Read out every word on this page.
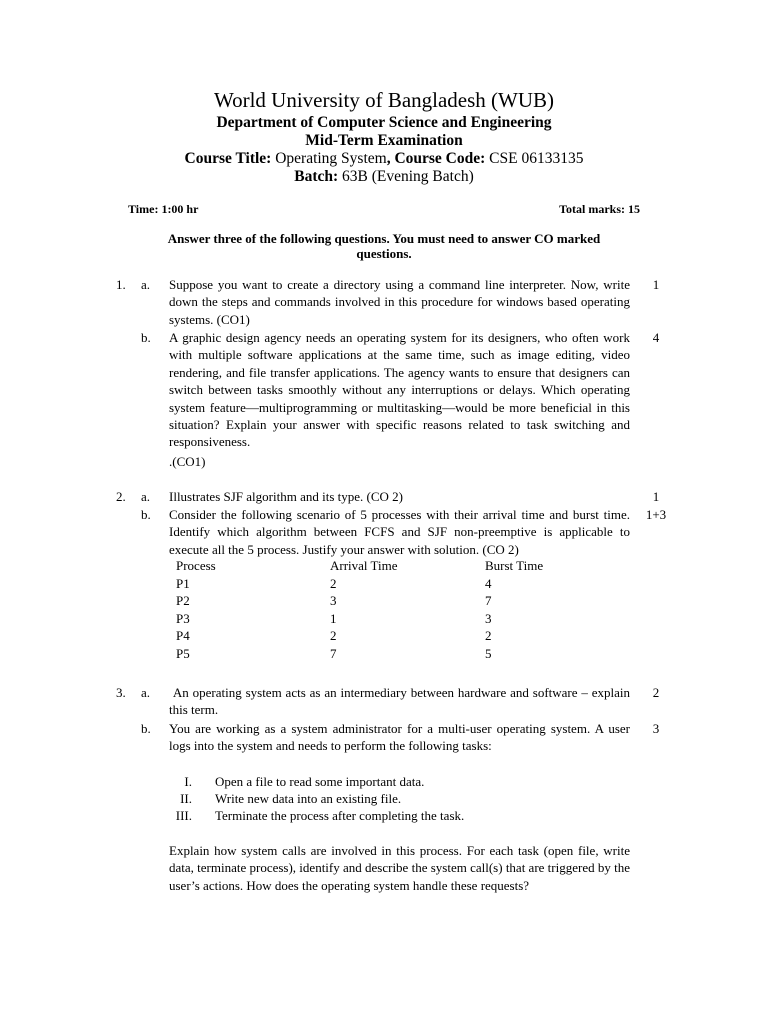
World University of Bangladesh (WUB)
Department of Computer Science and Engineering
Mid-Term Examination
Course Title: Operating System, Course Code: CSE 06133135
Batch: 63B (Evening Batch)
Time: 1:00 hr	Total marks: 15
Answer three of the following questions. You must need to answer CO marked questions.
1. a. Suppose you want to create a directory using a command line interpreter. Now, write down the steps and commands involved in this procedure for windows based operating systems. (CO1)
1
b. A graphic design agency needs an operating system for its designers, who often work with multiple software applications at the same time, such as image editing, video rendering, and file transfer applications. The agency wants to ensure that designers can switch between tasks smoothly without any interruptions or delays. Which operating system feature—multiprogramming or multitasking—would be more beneficial in this situation? Explain your answer with specific reasons related to task switching and responsiveness.
.(CO1)
4
2. a. Illustrates SJF algorithm and its type. (CO 2)	1
b. Consider the following scenario of 5 processes with their arrival time and burst time. Identify which algorithm between FCFS and SJF non-preemptive is applicable to execute all the 5 process. Justify your answer with solution. (CO 2)
1+3
Process	Arrival Time	Burst Time
P1	2	4
P2	3	7
P3	1	3
P4	2	2
P5	7	5
3. a. An operating system acts as an intermediary between hardware and software – explain this term.
2
b. You are working as a system administrator for a multi-user operating system. A user logs into the system and needs to perform the following tasks:
3
I. Open a file to read some important data.
II. Write new data into an existing file.
III. Terminate the process after completing the task.
Explain how system calls are involved in this process. For each task (open file, write data, terminate process), identify and describe the system call(s) that are triggered by the user’s actions. How does the operating system handle these requests?
